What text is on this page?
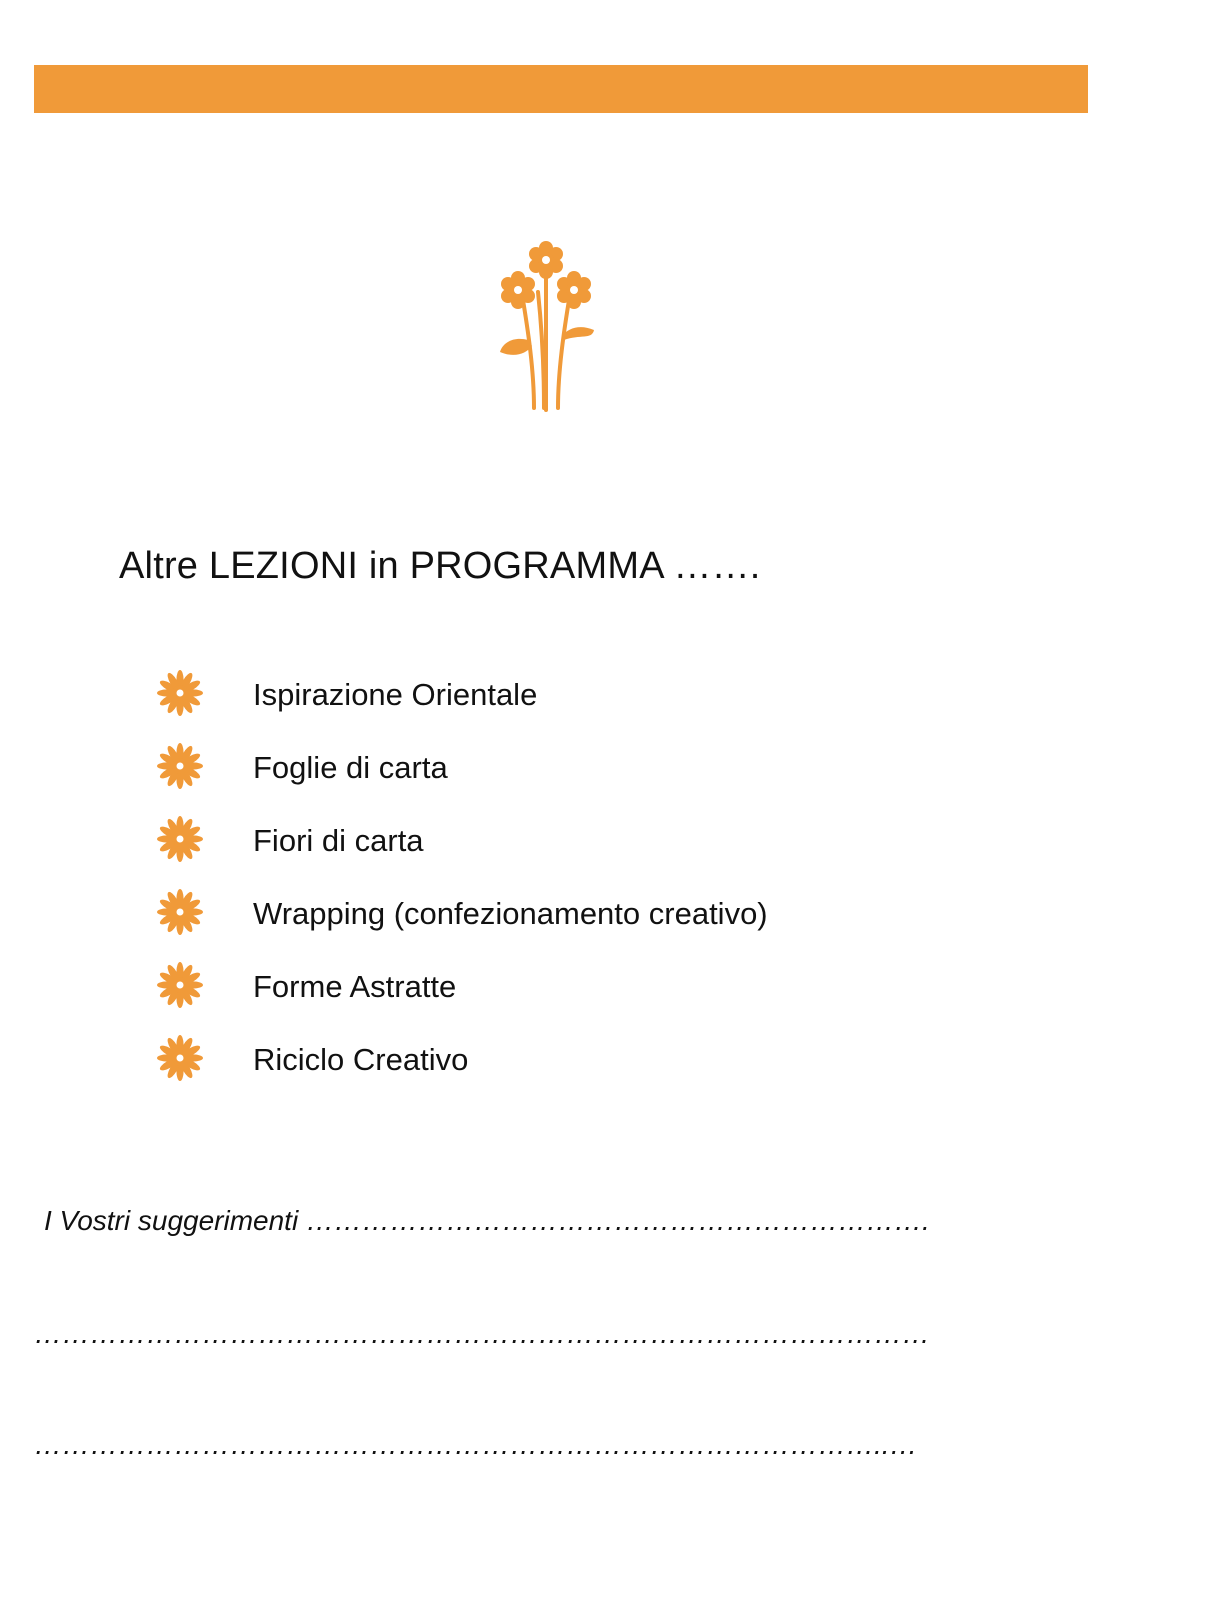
Altre LEZIONI in PROGRAMMA …….
Ispirazione Orientale
Foglie di carta
Fiori di carta
Wrapping (confezionamento creativo)
Forme Astratte
Riciclo Creativo
I Vostri suggerimenti ………………………………………………………….
……………………………………………………………………………………
………………………………………………………………………………..…
